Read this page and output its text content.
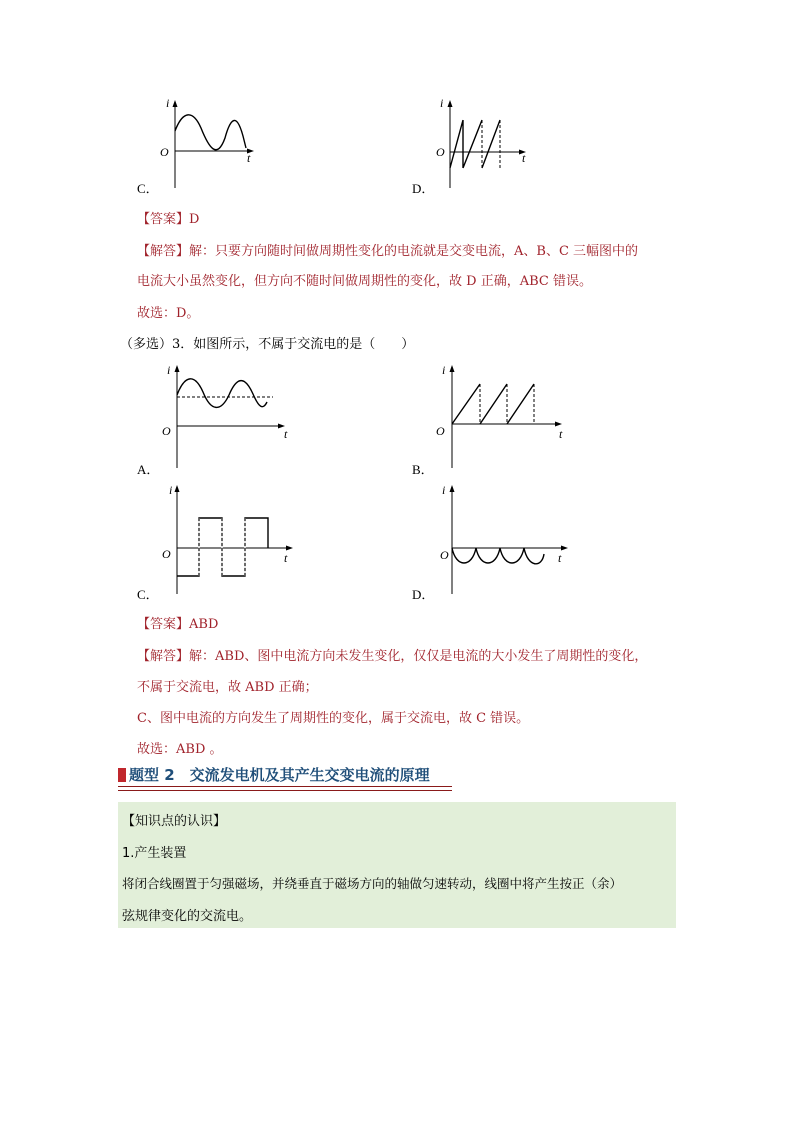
i
O	t
C．
i
O	t
D．
【答案】D
【解答】解：只要方向随时间做周期性变化的电流就是交变电流，A、B、C 三幅图中的
电流大小虽然变化，但方向不随时间做周期性的变化，故 D 正确，ABC 错误。
故选：D。
（多选）3．如图所示，不属于交流电的是（　　）
i
O	t
A．
i
O	t
B．
i
O	t
C．
i
O	t
D．
【答案】ABD
【解答】解：ABD、图中电流方向未发生变化，仅仅是电流的大小发生了周期性的变化，
不属于交流电，故 ABD 正确；
C、图中电流的方向发生了周期性的变化，属于交流电，故 C 错误。
故选：ABD 。
题型 2　交流发电机及其产生交变电流的原理
【知识点的认识】
1.产生装置
将闭合线圈置于匀强磁场，并绕垂直于磁场方向的轴做匀速转动，线圈中将产生按正（余）
弦规律变化的交流电。
